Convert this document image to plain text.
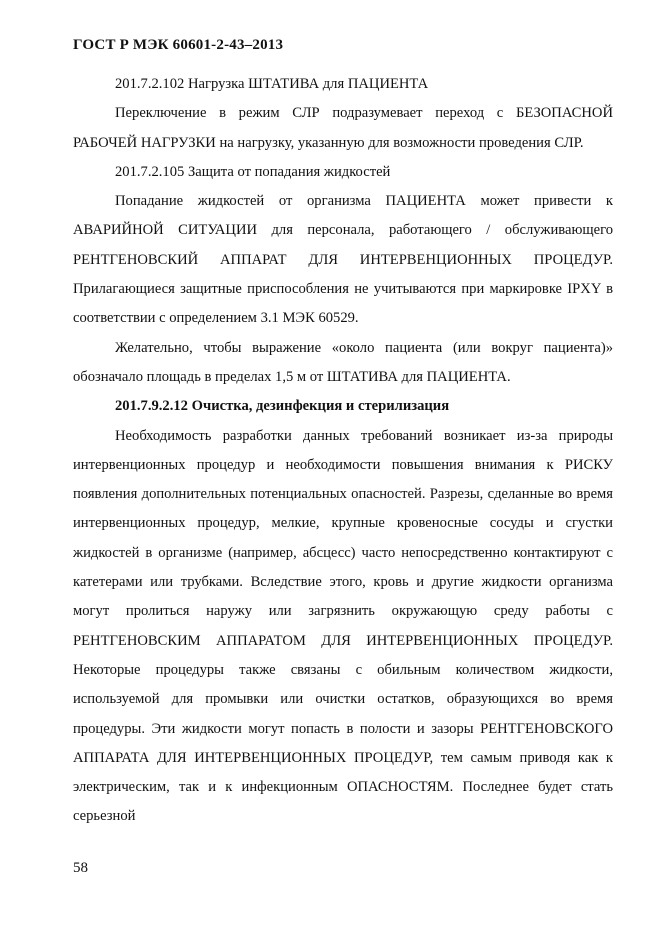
ГОСТ Р МЭК 60601-2-43–2013

201.7.2.102 Нагрузка ШТАТИВА для ПАЦИЕНТА

Переключение в режим СЛР подразумевает переход с БЕЗОПАСНОЙ РАБОЧЕЙ НАГРУЗКИ на нагрузку, указанную для возможности проведения СЛР.

201.7.2.105 Защита от попадания жидкостей

Попадание жидкостей от организма ПАЦИЕНТА может привести к АВАРИЙНОЙ СИТУАЦИИ для персонала, работающего / обслуживающего РЕНТГЕНОВСКИЙ АППАРАТ ДЛЯ ИНТЕРВЕНЦИОННЫХ ПРОЦЕДУР. Прилагающиеся защитные приспособления не учитываются при маркировке IPXY в соответствии с определением 3.1 МЭК 60529.

Желательно, чтобы выражение «около пациента (или вокруг пациента)» обозначало площадь в пределах 1,5 м от ШТАТИВА для ПАЦИЕНТА.

201.7.9.2.12 Очистка, дезинфекция и стерилизация

Необходимость разработки данных требований возникает из-за природы интервенционных процедур и необходимости повышения внимания к РИСКУ появления дополнительных потенциальных опасностей. Разрезы, сделанные во время интервенционных процедур, мелкие, крупные кровеносные сосуды и сгустки жидкостей в организме (например, абсцесс) часто непосредственно контактируют с катетерами или трубками. Вследствие этого, кровь и другие жидкости организма могут пролиться наружу или загрязнить окружающую среду работы с РЕНТГЕНОВСКИМ АППАРАТОМ ДЛЯ ИНТЕРВЕНЦИОННЫХ ПРОЦЕДУР. Некоторые процедуры также связаны с обильным количеством жидкости, используемой для промывки или очистки остатков, образующихся во время процедуры. Эти жидкости могут попасть в полости и зазоры РЕНТГЕНОВСКОГО АППАРАТА ДЛЯ ИНТЕРВЕНЦИОННЫХ ПРОЦЕДУР, тем самым приводя как к электрическим, так и к инфекционным ОПАСНОСТЯМ. Последнее будет стать серьезной

58
